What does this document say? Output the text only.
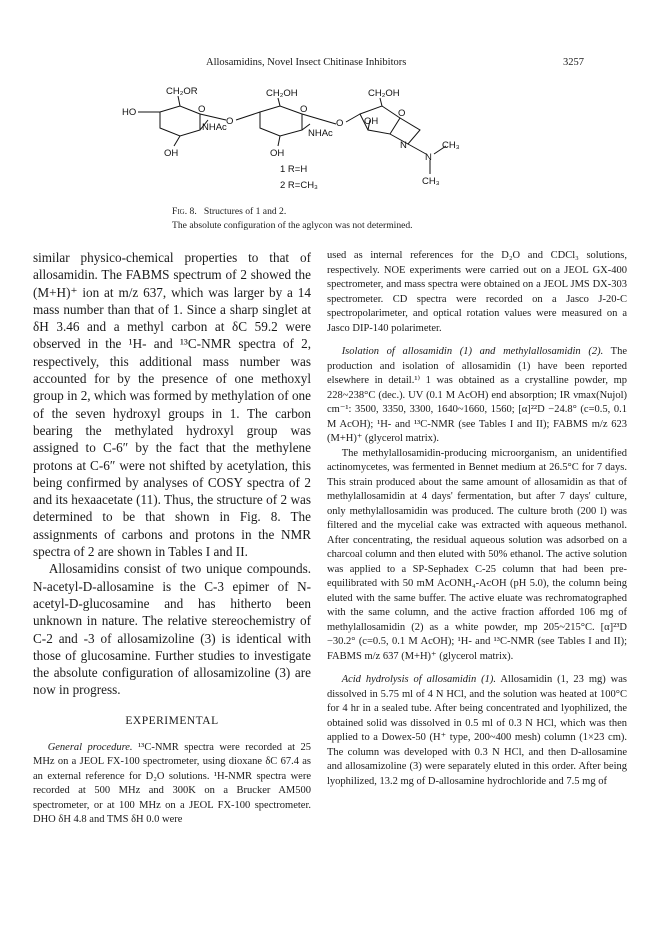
Allosamidins, Novel Insect Chitinase Inhibitors	3257
HO
CH₂OR	CH₂OH	CH₂OH
NHAc
NHAc
OH	OH
OH
O	O
O	O	O
N
N
CH₃
CH₃
1 R=H
2 R=CH₃
Fig. 8. Structures of 1 and 2.
The absolute configuration of the aglycon was not determined.

similar physico-chemical properties to that of allosamidin. The FABMS spectrum of 2 showed the (M+H)⁺ ion at m/z 637, which was larger by a 14 mass number than that of 1. Since a sharp singlet at δH 3.46 and a methyl carbon at δC 59.2 were observed in the ¹H- and ¹³C-NMR spectra of 2, respectively, this additional mass number was accounted for by the presence of one methoxyl group in 2, which was formed by methylation of one of the seven hydroxyl groups in 1. The carbon bearing the methylated hydroxyl group was assigned to C-6″ by the fact that the methylene protons at C-6″ were not shifted by acetylation, this being confirmed by analyses of COSY spectra of 2 and its hexaacetate (11). Thus, the structure of 2 was determined to be that shown in Fig. 8. The assignments of carbons and protons in the NMR spectra of 2 are shown in Tables I and II.

Allosamidins consist of two unique compounds. N-acetyl-D-allosamine is the C-3 epimer of N-acetyl-D-glucosamine and has hitherto been unknown in nature. The relative stereochemistry of C-2 and -3 of allosamizoline (3) is identical with those of glucosamine. Further studies to investigate the absolute configuration of allosamizoline (3) are now in progress.

EXPERIMENTAL

General procedure. ¹³C-NMR spectra were recorded at 25 MHz on a JEOL FX-100 spectrometer, using dioxane δC 67.4 as an external reference for D₂O solutions. ¹H-NMR spectra were recorded at 500 MHz and 300K on a Brucker AM500 spectrometer, or at 100 MHz on a JEOL FX-100 spectrometer. DHO δH 4.8 and TMS δH 0.0 were

used as internal references for the D₂O and CDCl₃ solutions, respectively. NOE experiments were carried out on a JEOL GX-400 spectrometer, and mass spectra were obtained on a JEOL JMS DX-303 spectrometer. CD spectra were recorded on a Jasco J-20-C spectropolarimeter, and optical rotation values were measured on a Jasco DIP-140 polarimeter.

Isolation of allosamidin (1) and methylallosamidin (2). The production and isolation of allosamidin (1) have been reported elsewhere in detail.¹⁾ 1 was obtained as a crystalline powder, mp 228~238°C (dec.). UV (0.1 M AcOH) end absorption; IR νmax(Nujol) cm⁻¹: 3500, 3350, 3300, 1640~1660, 1560; [α]²²D −24.8° (c=0.5, 0.1 M AcOH); ¹H- and ¹³C-NMR (see Tables I and II); FABMS m/z 623 (M+H)⁺ (glycerol matrix).

The methylallosamidin-producing microorganism, an unidentified actinomycetes, was fermented in Bennet medium at 26.5°C for 7 days. This strain produced about the same amount of allosamidin as that of methylallosamidin at 4 days' fermentation, but after 7 days' culture, only methylallosamidin was produced. The culture broth (200 l) was filtered and the mycelial cake was extracted with aqueous methanol. After concentrating, the residual aqueous solution was adsorbed on a charcoal column and then eluted with 50% ethanol. The active solution was applied to a SP-Sephadex C-25 column that had been pre-equilibrated with 50 mM AcONH₄-AcOH (pH 5.0), the column being eluted with the same buffer. The active eluate was rechromatographed with the same column, and the active fraction afforded 106 mg of methylallosamidin (2) as a white powder, mp 205~215°C. [α]²³D −30.2° (c=0.5, 0.1 M AcOH); ¹H- and ¹³C-NMR (see Tables I and II); FABMS m/z 637 (M+H)⁺ (glycerol matrix).

Acid hydrolysis of allosamidin (1). Allosamidin (1, 23 mg) was dissolved in 5.75 ml of 4 N HCl, and the solution was heated at 100°C for 4 hr in a sealed tube. After being concentrated and lyophilized, the obtained solid was dissolved in 0.5 ml of 0.3 N HCl, which was then applied to a Dowex-50 (H⁺ type, 200~400 mesh) column (1×23 cm). The column was developed with 0.3 N HCl, and then D-allosamine and allosamizoline (3) were separately eluted in this order. After being lyophilized, 13.2 mg of D-allosamine hydrochloride and 7.5 mg of
